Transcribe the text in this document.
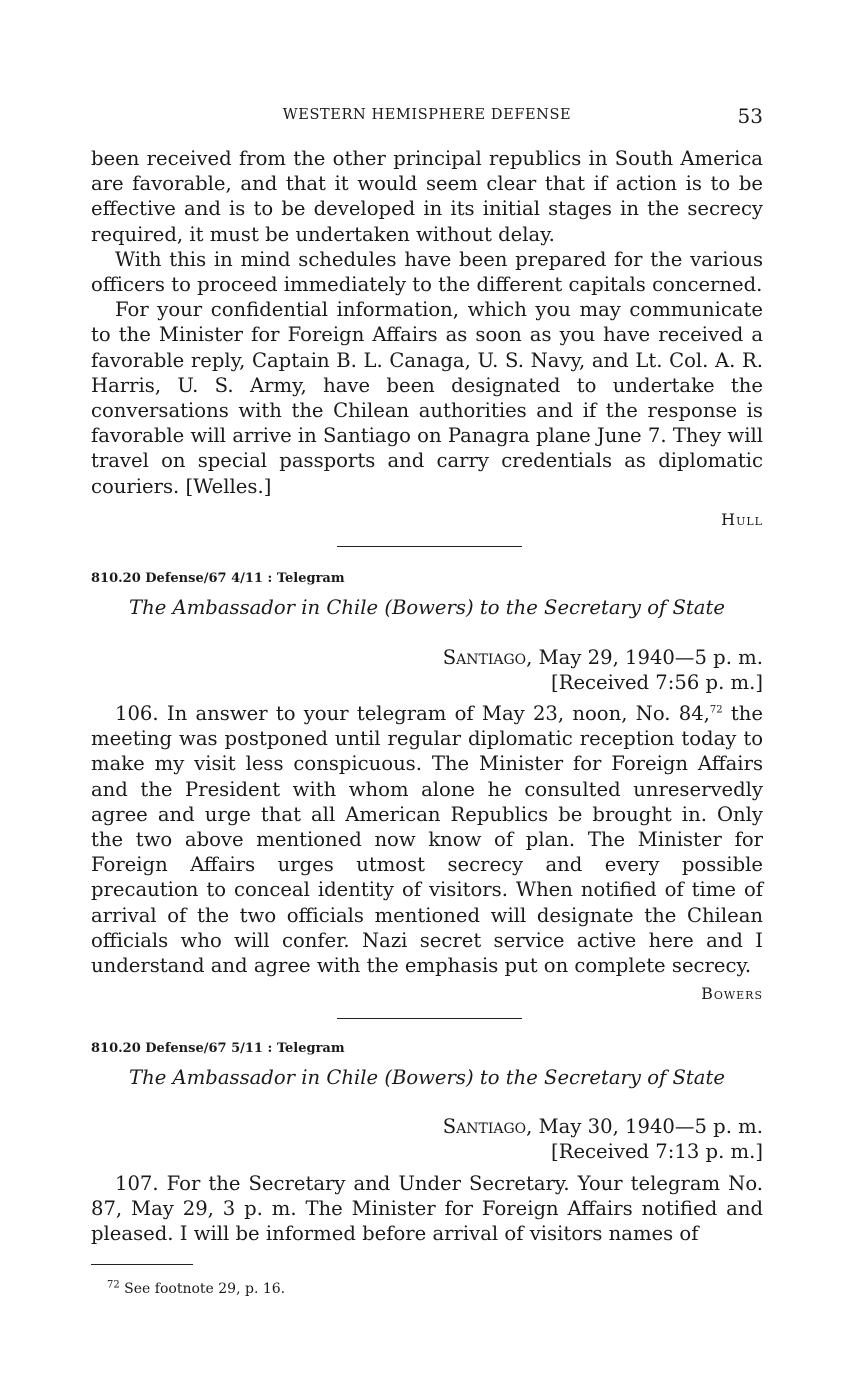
WESTERN HEMISPHERE DEFENSE	53

been received from the other principal republics in South America are favorable, and that it would seem clear that if action is to be effective and is to be developed in its initial stages in the secrecy required, it must be undertaken without delay.

With this in mind schedules have been prepared for the various officers to proceed immediately to the different capitals concerned.

For your confidential information, which you may communicate to the Minister for Foreign Affairs as soon as you have received a favorable reply, Captain B. L. Canaga, U. S. Navy, and Lt. Col. A. R. Harris, U. S. Army, have been designated to undertake the conversations with the Chilean authorities and if the response is favorable will arrive in Santiago on Panagra plane June 7. They will travel on special passports and carry credentials as diplomatic couriers. [Welles.]

Hull
810.20 Defense/67 4/11 : Telegram
The Ambassador in Chile (Bowers) to the Secretary of State
Santiago, May 29, 1940—5 p. m.
[Received 7:56 p. m.]

106. In answer to your telegram of May 23, noon, No. 84,72 the meeting was postponed until regular diplomatic reception today to make my visit less conspicuous. The Minister for Foreign Affairs and the President with whom alone he consulted unreservedly agree and urge that all American Republics be brought in. Only the two above mentioned now know of plan. The Minister for Foreign Affairs urges utmost secrecy and every possible precaution to conceal identity of visitors. When notified of time of arrival of the two officials mentioned will designate the Chilean officials who will confer. Nazi secret service active here and I understand and agree with the emphasis put on complete secrecy.

Bowers
810.20 Defense/67 5/11 : Telegram
The Ambassador in Chile (Bowers) to the Secretary of State
Santiago, May 30, 1940—5 p. m.
[Received 7:13 p. m.]

107. For the Secretary and Under Secretary. Your telegram No. 87, May 29, 3 p. m. The Minister for Foreign Affairs notified and pleased. I will be informed before arrival of visitors names of

$^{72}$ See footnote 29, p. 16.
